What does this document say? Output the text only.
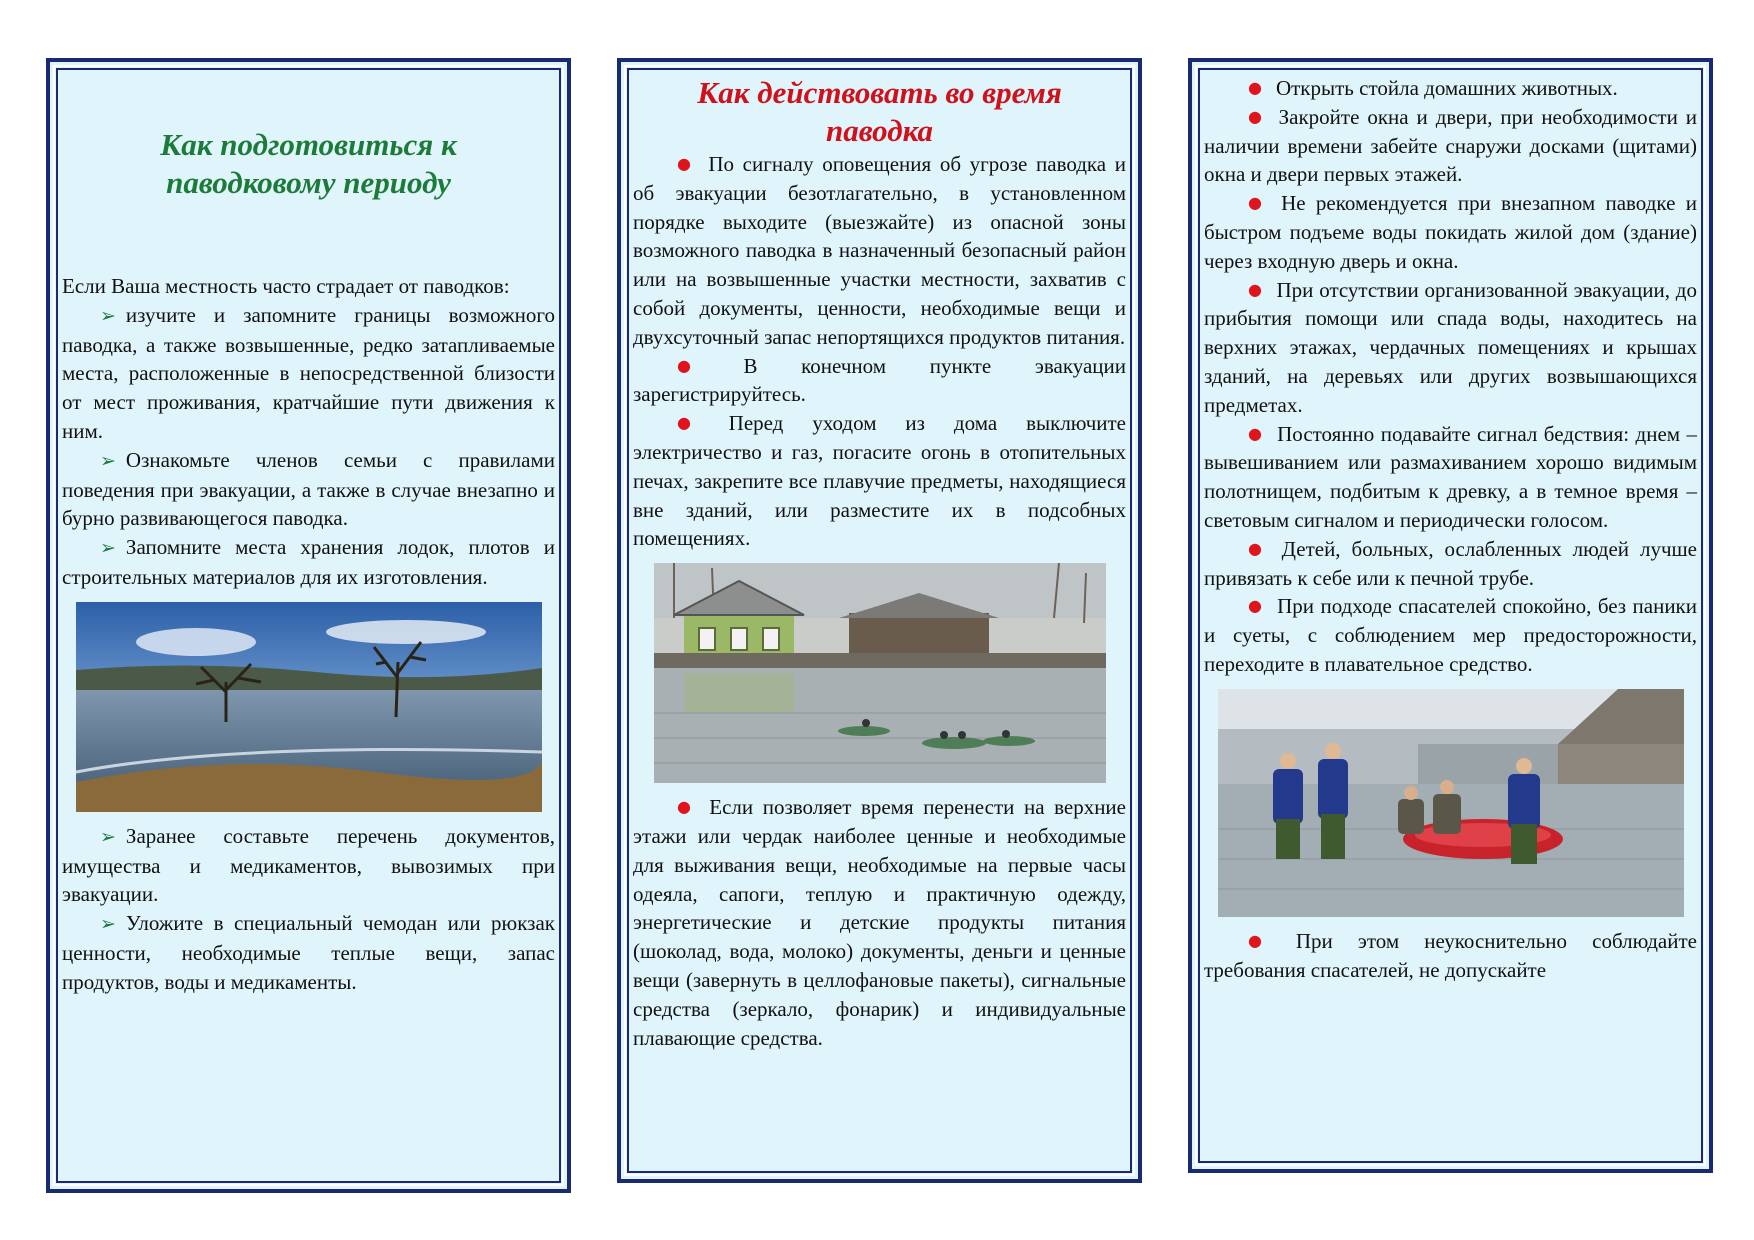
Как подготовиться к паводковому периоду

Если Ваша местность часто страдает от паводков:

➢ изучите и запомните границы возможного паводка, а также возвышенные, редко затапливаемые места, расположенные в непосредственной близости от мест проживания, кратчайшие пути движения к ним.

➢ Ознакомьте членов семьи с правилами поведения при эвакуации, а также в случае внезапно и бурно развивающегося паводка.

➢ Запомните места хранения лодок, плотов и строительных материалов для их изготовления.

➢ Заранее составьте перечень документов, имущества и медикаментов, вывозимых при эвакуации.

➢ Уложите в специальный чемодан или рюкзак ценности, необходимые теплые вещи, запас продуктов, воды и медикаменты.

Как действовать во время паводка

● По сигналу оповещения об угрозе паводка и об эвакуации безотлагательно, в установленном порядке выходите (выезжайте) из опасной зоны возможного паводка в назначенный безопасный район или на возвышенные участки местности, захватив с собой документы, ценности, необходимые вещи и двухсуточный запас непортящихся продуктов питания.

● В конечном пункте эвакуации зарегистрируйтесь.

● Перед уходом из дома выключите электричество и газ, погасите огонь в отопительных печах, закрепите все плавучие предметы, находящиеся вне зданий, или разместите их в подсобных помещениях.

● Если позволяет время перенести на верхние этажи или чердак наиболее ценные и необходимые для выживания вещи, необходимые на первые часы одеяла, сапоги, теплую и практичную одежду, энергетические и детские продукты питания (шоколад, вода, молоко) документы, деньги и ценные вещи (завернуть в целлофановые пакеты), сигнальные средства (зеркало, фонарик) и индивидуальные плавающие средства.

● Открыть стойла домашних животных.

● Закройте окна и двери, при необходимости и наличии времени забейте снаружи досками (щитами) окна и двери первых этажей.

● Не рекомендуется при внезапном паводке и быстром подъеме воды покидать жилой дом (здание) через входную дверь и окна.

● При отсутствии организованной эвакуации, до прибытия помощи или спада воды, находитесь на верхних этажах, чердачных помещениях и крышах зданий, на деревьях или других возвышающихся предметах.

● Постоянно подавайте сигнал бедствия: днем – вывешиванием или размахиванием хорошо видимым полотнищем, подбитым к древку, а в темное время – световым сигналом и периодически голосом.

● Детей, больных, ослабленных людей лучше привязать к себе или к печной трубе.

● При подходе спасателей спокойно, без паники и суеты, с соблюдением мер предосторожности, переходите в плавательное средство.

● При этом неукоснительно соблюдайте требования спасателей, не допускайте
